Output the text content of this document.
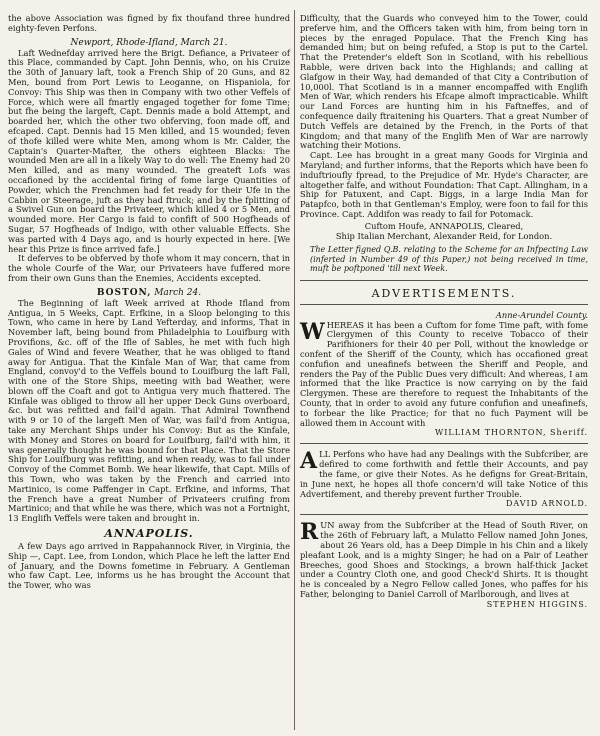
the above Association was figned by fix thoufand three hundred eighty-feven Perfons.

Newport, Rhode-Ifland, March 21.

Laft Wednefday arrived here the Brigt. Defiance, a Privateer of this Place, commanded by Capt. John Dennis, who, on his Cruize the 30th of January laft, took a French Ship of 20 Guns, and 82 Men, bound from Port Lewis to Leoganne, on Hispaniola, for Convoy: This Ship was then in Company with two other Veffels of Force, which were all fmartly engaged together for fome Time; but fhe being the largeft, Capt. Dennis made a bold Attempt, and boarded her, which the other two obferving, foon made off, and efcaped. Capt. Dennis had 15 Men killed, and 15 wounded; feven of thofe killed were white Men, among whom is Mr. Calder, the Captain's Quarter-Mafter, the others eighteen Blacks: The wounded Men are all in a likely Way to do well: The Enemy had 20 Men killed, and as many wounded. The greateft Lofs was occafioned by the accidental firing of fome large Quantities of Powder, which the Frenchmen had fet ready for their Ufe in the Cabbin or Steerage, juft as they had ftruck; and by the fplitting of a Swivel Gun on board the Privateer, which killed 4 or 5 Men, and wounded more. Her Cargo is faid to confift of 500 Hogfheads of Sugar, 57 Hogfheads of Indigo, with other valuable Effects. She was parted with 4 Days ago, and is hourly expected in here. [We hear this Prize is fince arrived fafe.]

It deferves to be obferved by thofe whom it may concern, that in the whole Courfe of the War, our Privateers have fuffered more from their own Guns than the Enemies, Accidents excepted.

BOSTON, March 24.

The Beginning of laft Week arrived at Rhode Ifland from Antigua, in 5 Weeks, Capt. Erfkine, in a Sloop belonging to this Town, who came in here by Land Yefterday, and informs, That in November laft, being bound from Philadelphia to Louifburg with Provifions, &c. off of the Ifle of Sables, he met with fuch high Gales of Wind and fevere Weather, that he was obliged to ftand away for Antigua. That the Kinfale Man of War, that came from England, convoy'd to the Veffels bound to Louifburg the laft Fall, with one of the Store Ships, meeting with bad Weather, were blown off the Coaft and got to Antigua very much fhattered. The Kinfale was obliged to throw all her upper Deck Guns overboard, &c. but was refitted and fail'd again. That Admiral Townfhend with 9 or 10 of the largeft Men of War, was fail'd from Antigua, take any Merchant Ships under his Convoy: But as the Kinfale, with Money and Stores on board for Louifburg, fail'd with him, it was generally thought he was bound for that Place. That the Store Ship for Louifburg was refitting, and when ready, was to fail under Convoy of the Commet Bomb. We hear likewife, that Capt. Mills of this Town, who was taken by the French and carried into Martinico, is come Paffenger in Capt. Erfkine, and informs, That the French have a great Number of Privateers cruifing from Martinico; and that while he was there, which was not a Fortnight, 13 Englifh Veffels were taken and brought in.

ANNAPOLIS.

A few Days ago arrived in Rappahannock River, in Virginia, the Ship —, Capt. Lee, from London, which Place he left the latter End of January, and the Downs fometime in February. A Gentleman who faw Capt. Lee, informs us he has brought the Account that the Tower, who was

Difficulty, that the Guards who conveyed him to the Tower, could preferve him, and the Officers taken with him, from being torn in pieces by the enraged Populace. That the French King has demanded him; but on being refufed, a Stop is put to the Cartel. That the Pretender's eldeft Son in Scotland, with his rebellious Rabble, were driven back into the Highlands; and calling at Glafgow in their Way, had demanded of that City a Contribution of 10,000l. That Scotland is in a manner encompaffed with Englifh Men of War, which renders his Efcape almoft impracticable. Whilft our Land Forces are hunting him in his Faftneffes, and of confequence daily ftraitening his Quarters. That a great Number of Dutch Veffels are detained by the French, in the Ports of that Kingdom; and that many of the Englifh Men of War are narrowly watching their Motions.

Capt. Lee has brought in a great many Goods for Virginia and Maryland; and further informs, that the Reports which have been fo induftrioufly fpread, to the Prejudice of Mr. Hyde's Character, are altogether falfe, and without Foundation: That Capt. Allingham, in a Ship for Patuxent, and Capt. Biggs, in a large India Man for Patapfco, both in that Gentleman's Employ, were foon to fail for this Province. Capt. Addifon was ready to fail for Potomack.

Cuftom Houfe, ANNAPOLIS, Cleared,

Ship Italian Merchant, Alexander Reid, for London.

The Letter figned Q.B. relating to the Scheme for an Infpecting Law (inferted in Number 49 of this Paper,) not being received in time, muft be poftponed 'till next Week.

ADVERTISEMENTS.

Anne-Arundel County.

WHEREAS it has been a Cuftom for fome Time paft, with fome Clergymen of this County to receive Tobacco of their Parifhioners for their 40 per Poll, without the knowledge or confent of the Sheriff of the County, which has occafioned great confufion and uneafinefs between the Sheriff and People, and renders the Pay of the Public Dues very difficult: And whereas, I am informed that the like Practice is now carrying on by the faid Clergymen. These are therefore to request the Inhabitants of the County, that in order to avoid any future confufion and uneafinefs, to forbear the like Practice; for that no fuch Payment will be allowed them in Account with

WILLIAM THORNTON, Sheriff.

ALL Perfons who have had any Dealings with the Subfcriber, are defired to come forthwith and fettle their Accounts, and pay the fame, or give their Notes. As he defigns for Great-Britain, in June next, he hopes all thofe concern'd will take Notice of this Advertifement, and thereby prevent further Trouble.

DAVID ARNOLD.

RUN away from the Subfcriber at the Head of South River, on the 26th of February laft, a Mulatto Fellow named John Jones, about 26 Years old, has a Deep Dimple in his Chin and a likely pleafant Look, and is a mighty Singer; he had on a Pair of Leather Breeches, good Shoes and Stockings, a brown half-thick Jacket under a Country Cloth one, and good Check'd Shirts. It is thought he is concealed by a Negro Fellow called Jones, who paffes for his Father, belonging to Daniel Carroll of Marlborough, and lives at

STEPHEN HIGGINS.
